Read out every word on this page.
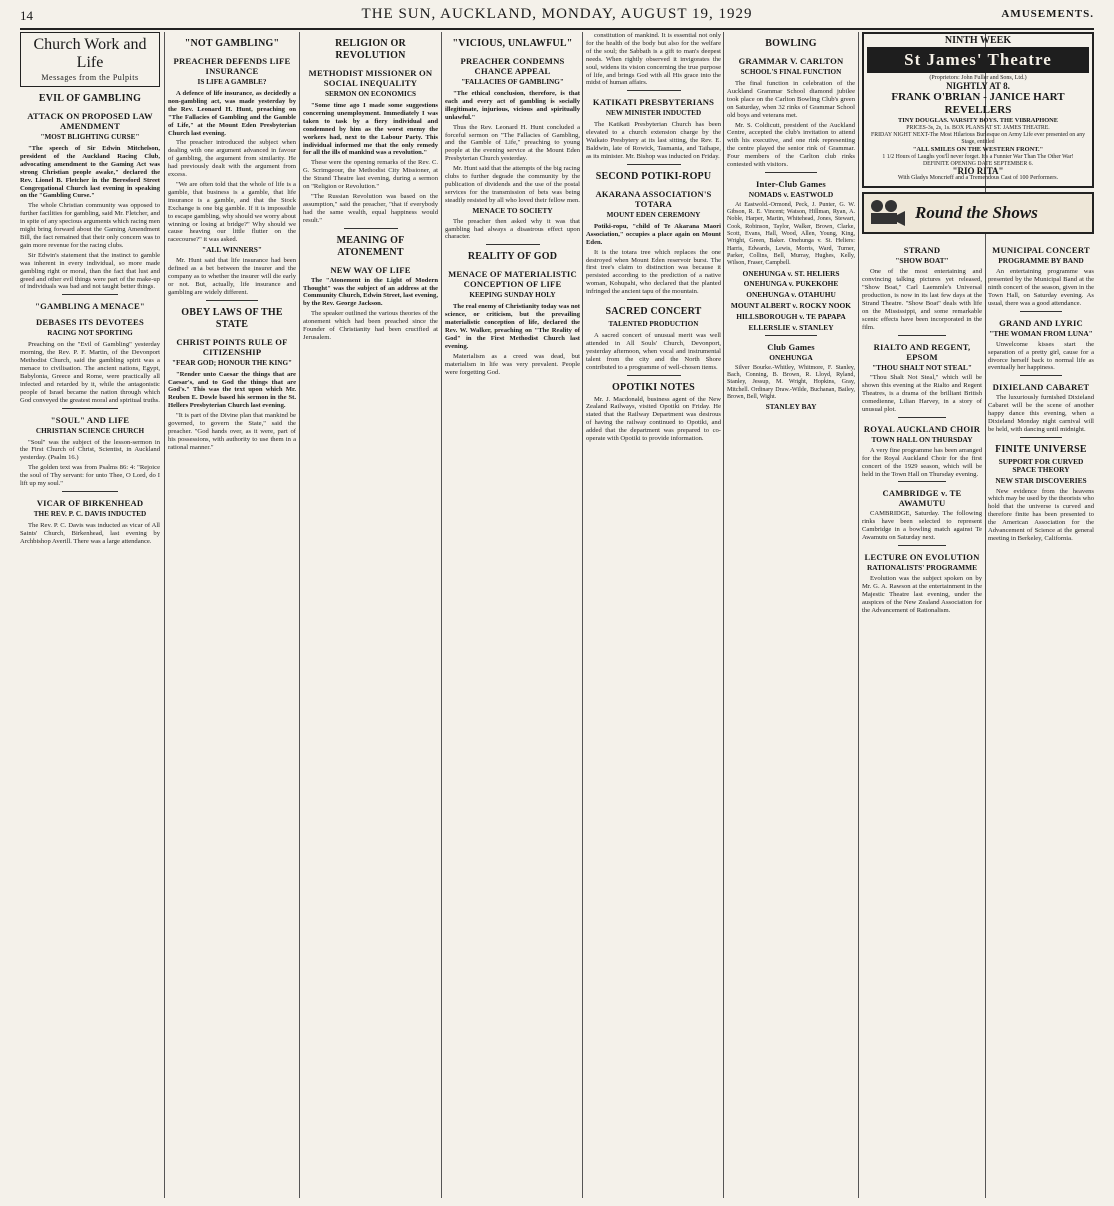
14	THE SUN, AUCKLAND, MONDAY, AUGUST 19, 1929	AMUSEMENTS.
Church Work and Life
Messages from the Pulpits
EVIL OF GAMBLING
ATTACK ON PROPOSED LAW AMENDMENT
"MOST BLIGHTING CURSE"

"The speech of Sir Edwin Mitchelson, president of the Auckland Racing Club, advocating amendment to the Gaming Act was strong Christian people awake," declared the Rev. Lionel B. Fletcher in the Beresford Street Congregational Church last evening in speaking on the "Gambling Curse."

The whole Christian community was opposed to further facilities for gambling, said Mr. Fletcher, and in spite of any specious arguments which racing men might bring forward about the Gaming Amendment Bill, the fact remained that their only concern was to gain more revenue for the racing clubs.

Sir Edwin's statement that the instinct to gamble was inherent in every individual, so more made gambling right or moral, than the fact that lust and greed and other evil things were part of the make-up of individuals was bad and not taught better things.

"GAMBLING A MENACE"
DEBASES ITS DEVOTEES
RACING NOT SPORTING

Preaching on the "Evil of Gambling" yesterday morning, the Rev. P. F. Martin, of the Devonport Methodist Church, said the gambling spirit was a menace to civilisation. The ancient nations, Egypt, Babylonia, Greece and Rome, were practically all infected and retarded by it, while the antagonistic people of Israel became the nation through which God conveyed the greatest moral and spiritual truths.

"SOUL" AND LIFE
CHRISTIAN SCIENCE CHURCH

"Soul" was the subject of the lesson-sermon in the First Church of Christ, Scientist, in Auckland yesterday. (Psalm 16.)

The golden text was from Psalms 86: 4: "Rejoice the soul of Thy servant: for unto Thee, O Lord, do I lift up my soul."

VICAR OF BIRKENHEAD
THE REV. P. C. DAVIS INDUCTED

The Rev. P. C. Davis was inducted as vicar of All Saints' Church, Birkenhead, last evening by Archbishop Averill. There was a large attendance.

"NOT GAMBLING"
PREACHER DEFENDS LIFE INSURANCE
IS LIFE A GAMBLE?

A defence of life insurance, as decidedly a non-gambling act, was made yesterday by the Rev. Leonard H. Hunt, preaching on "The Fallacies of Gambling and the Gamble of Life," at the Mount Eden Presbyterian Church last evening.

The preacher introduced the subject when dealing with one argument advanced in favour of gambling, the argument from similarity. He had previously dealt with the argument from excess.

"We are often told that the whole of life is a gamble, that business is a gamble, that life insurance is a gamble, and that the Stock Exchange is one big gamble. If it is impossible to escape gambling, why should we worry about winning or losing at bridge?" Why should we cause heaving our little flutter on the racecourse?" it was asked.

"ALL WINNERS"

Mr. Hunt said that life insurance had been defined as a bet between the insurer and the company as to whether the insurer will die early or not. But, actually, life insurance and gambling are widely different.

OBEY LAWS OF THE STATE
CHRIST POINTS RULE OF CITIZENSHIP
"FEAR GOD; HONOUR THE KING"

"Render unto Caesar the things that are Caesar's, and to God the things that are God's." This was the text upon which Mr. Reuben E. Dowle based his sermon in the St. Hellers Presbyterian Church last evening.

"It is part of the Divine plan that mankind be governed, to govern the State," said the preacher. "God hands over, as it were, part of his possessions, with authority to use them in a rational manner."

RELIGION OR REVOLUTION
METHODIST MISSIONER ON SOCIAL INEQUALITY
SERMON ON ECONOMICS

"Some time ago I made some suggestions concerning unemployment. Immediately I was taken to task by a fiery individual and condemned by him as the worst enemy the workers had, next to the Labour Party. This individual informed me that the only remedy for all the ills of mankind was a revolution."

These were the opening remarks of the Rev. C. G. Scrimgeour, the Methodist City Missioner, at the Strand Theatre last evening, during a sermon on "Religion or Revolution."

"The Russian Revolution was based on the assumption," said the preacher, "that if everybody had the same wealth, equal happiness would result."

MEANING OF ATONEMENT
NEW WAY OF LIFE

The "Atonement in the Light of Modern Thought" was the subject of an address at the Community Church, Edwin Street, last evening, by the Rev. George Jackson.

The speaker outlined the various theories of the atonement which had been preached since the Founder of Christianity had been crucified at Jerusalem.

"VICIOUS, UNLAWFUL"
PREACHER CONDEMNS CHANCE APPEAL
"FALLACIES OF GAMBLING"

"The ethical conclusion, therefore, is that each and every act of gambling is socially illegitimate, injurious, vicious and spiritually unlawful."

Thus the Rev. Leonard H. Hunt concluded a forceful sermon on "The Fallacies of Gambling, and the Gamble of Life," preaching to young people at the evening service at the Mount Eden Presbyterian Church yesterday.

Mr. Hunt said that the attempts of the big racing clubs to further degrade the community by the publication of dividends and the use of the postal services for the transmission of bets was being steadily resisted by all who loved their fellow men.

MENACE TO SOCIETY

The preacher then asked why it was that gambling had always a disastrous effect upon character.

REALITY OF GOD
MENACE OF MATERIALISTIC CONCEPTION OF LIFE
KEEPING SUNDAY HOLY

The real enemy of Christianity today was not science, or criticism, but the prevailing materialistic conception of life, declared the Rev. W. Walker, preaching on "The Reality of God" in the First Methodist Church last evening.

Materialism as a creed was dead, but materialism in life was very prevalent. People were forgetting God.

constitution of mankind. It is essential not only for the health of the body but also for the welfare of the soul; the Sabbath is a gift to man's deepest needs. When rightly observed it invigorates the soul, widens its vision concerning the true purpose of life, and brings God with all His grace into the midst of human affairs.

KATIKATI PRESBYTERIANS
NEW MINISTER INDUCTED

The Katikati Presbyterian Church has been elevated to a church extension charge by the Waikato Presbytery at its last sitting, the Rev. E. Baldwin, late of Rowick, Tasmania, and Taihape, as its minister. Mr. Bishop was inducted on Friday.

SECOND POTIKI-ROPU
AKARANA ASSOCIATION'S TOTARA
MOUNT EDEN CEREMONY

Potiki-ropu, "child of Te Akarana Maori Association," occupies a place again on Mount Eden.

It is the totara tree which replaces the one destroyed when Mount Eden reservoir burst. The first tree's claim to distinction was because it persisted according to the prediction of a native woman, Kohupahi, who declared that the planted infringed the ancient tapu of the mountain.

SACRED CONCERT
TALENTED PRODUCTION

A sacred concert of unusual merit was well attended in All Souls' Church, Devonport, yesterday afternoon, when vocal and instrumental talent from the city and the North Shore contributed to a programme of well-chosen items.

OPOTIKI NOTES

Mr. J. Macdonald, business agent of the New Zealand Railways, visited Opotiki on Friday. He stated that the Railway Department was desirous of having the railway continued to Opotiki, and added that the department was prepared to co-operate with Opotiki to provide information.

BOWLING
GRAMMAR V. CARLTON
SCHOOL'S FINAL FUNCTION

The final function in celebration of the Auckland Grammar School diamond jubilee took place on the Carlton Bowling Club's green on Saturday, when 32 rinks of Grammar School old boys and veterans met.

Mr. S. Coldicutt, president of the Auckland Centre, accepted the club's invitation to attend with his executive, and one rink representing the centre played the senior rink of Grammar. Four members of the Carlton club rinks contested with visitors.

Inter-Club Games
NOMADS v. EASTWOLD

At Eastwold.-Ormond, Peck, J. Punter, G. W. Gibson, R. E. Vincent; Watson, Hillman, Ryan, A. Noble, Harper, Martin, Whitehead, Jones, Stewart, Cook, Robinson, Taylor, Walker, Brown, Clarke, Scott, Evans, Hall, Wood, Allen, Young, King, Wright, Green, Baker. Onehunga v. St. Heliers: Harris, Edwards, Lewis, Morris, Ward, Turner, Parker, Collins, Bell, Murray, Hughes, Kelly, Wilson, Fraser, Campbell.

ONEHUNGA v. ST. HELIERS
ONEHUNGA v. PUKEKOHE
ONEHUNGA v. OTAHUHU
MOUNT ALBERT v. ROCKY NOOK
HILLSBOROUGH v. TE PAPAPA
ELLERSLIE v. STANLEY
Club Games
ONEHUNGA

Silver Bourke.-Whitley, Whitmore, F. Stanley, Bach, Conning, B. Brown, R. Lloyd, Ryland, Stanley, Jessup, M. Wright, Hopkins, Gray, Mitchell. Ordinary Draw.-Wilde, Buchanan, Bailey, Brown, Bell, Wight.

STANLEY BAY
NINTH WEEK
St James' Theatre
(Proprietors: John Fuller and Sons, Ltd.)
NIGHTLY AT 8.
FRANK O'BRIAN - JANICE HART
REVELLERS
TINY DOUGLAS. VARSITY BOYS. THE VIBRAPHONE
PRICES-3s, 2s, 1s. BOX PLANS AT ST. JAMES THEATRE.
FRIDAY NIGHT NEXT-The Most Hilarious Burlesque on Army Life ever presented on any Stage, entitled
"ALL SMILES ON THE WESTERN FRONT."
1 1/2 Hours of Laughs you'll never forget. It's a Funnier War Than The Other War!
DEFINITE OPENING DATE SEPTEMBER 6.
"RIO RITA"
With Gladys Moncrieff and a Tremendous Cast of 100 Performers.
Round the Shows
STRAND
"SHOW BOAT"

One of the most entertaining and convincing talking pictures yet released, "Show Boat," Carl Laemmle's Universal production, is now in its last few days at the Strand Theatre. "Show Boat" deals with life on the Mississippi, and some remarkable scenic effects have been incorporated in the film.

RIALTO AND REGENT, EPSOM
"THOU SHALT NOT STEAL"

"Thou Shalt Not Steal," which will be shown this evening at the Rialto and Regent Theatres, is a drama of the brilliant British comedienne, Lilian Harvey, in a story of unusual plot.

ROYAL AUCKLAND CHOIR
TOWN HALL ON THURSDAY

A very fine programme has been arranged for the Royal Auckland Choir for the first concert of the 1929 season, which will be held in the Town Hall on Thursday evening.

CAMBRIDGE v. TE AWAMUTU

CAMBRIDGE, Saturday. The following rinks have been selected to represent Cambridge in a bowling match against Te Awamutu on Saturday next.

LECTURE ON EVOLUTION
RATIONALISTS' PROGRAMME

Evolution was the subject spoken on by Mr. G. A. Rawson at the entertainment in the Majestic Theatre last evening, under the auspices of the New Zealand Association for the Advancement of Rationalism.

MUNICIPAL CONCERT
PROGRAMME BY BAND

An entertaining programme was presented by the Municipal Band at the ninth concert of the season, given in the Town Hall, on Saturday evening. As usual, there was a good attendance.

GRAND AND LYRIC
"THE WOMAN FROM LUNA"

Unwelcome kisses start the separation of a pretty girl, cause for a divorce herself back to normal life as eventually her happiness.

DIXIELAND CABARET

The luxuriously furnished Dixieland Cabaret will be the scene of another happy dance this evening, when a Dixieland Monday night carnival will be held, with dancing until midnight.

FINITE UNIVERSE
SUPPORT FOR CURVED SPACE THEORY
NEW STAR DISCOVERIES

New evidence from the heavens which may be used by the theorists who hold that the universe is curved and therefore finite has been presented to the American Association for the Advancement of Science at the general meeting in Berkeley, California.
